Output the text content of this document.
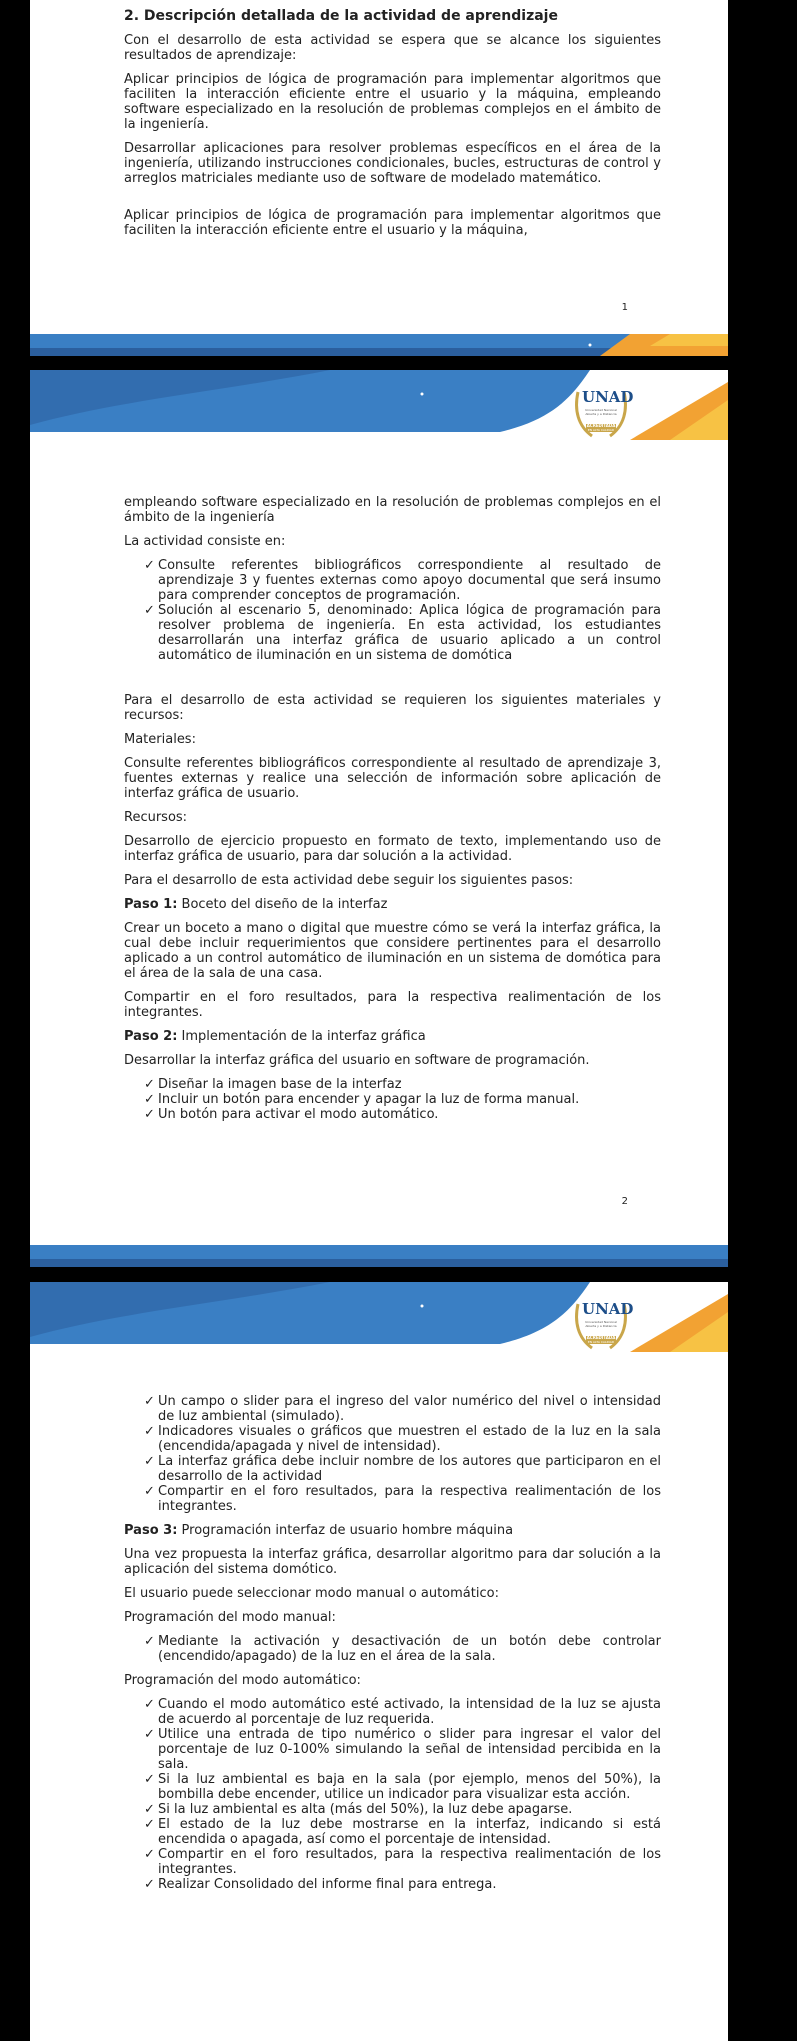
2. Descripción detallada de la actividad de aprendizaje

Con el desarrollo de esta actividad se espera que se alcance los siguientes resultados de aprendizaje:

Aplicar principios de lógica de programación para implementar algoritmos que faciliten la interacción eficiente entre el usuario y la máquina, empleando software especializado en la resolución de problemas complejos en el ámbito de la ingeniería.

Desarrollar aplicaciones para resolver problemas específicos en el área de la ingeniería, utilizando instrucciones condicionales, bucles, estructuras de control y arreglos matriciales mediante uso de software de modelado matemático.

Aplicar principios de lógica de programación para implementar algoritmos que faciliten la interacción eficiente entre el usuario y la máquina,

1
UNAD
Universidad Nacional Abierta y a Distancia
ACREDITADA
EN ALTA CALIDAD

empleando software especializado en la resolución de problemas complejos en el ámbito de la ingeniería

La actividad consiste en:

✓ Consulte referentes bibliográficos correspondiente al resultado de aprendizaje 3 y fuentes externas como apoyo documental que será insumo para comprender conceptos de programación.
✓ Solución al escenario 5, denominado: Aplica lógica de programación para resolver problema de ingeniería. En esta actividad, los estudiantes desarrollarán una interfaz gráfica de usuario aplicado a un control automático de iluminación en un sistema de domótica

Para el desarrollo de esta actividad se requieren los siguientes materiales y recursos:

Materiales:

Consulte referentes bibliográficos correspondiente al resultado de aprendizaje 3, fuentes externas y realice una selección de información sobre aplicación de interfaz gráfica de usuario.

Recursos:

Desarrollo de ejercicio propuesto en formato de texto, implementando uso de interfaz gráfica de usuario, para dar solución a la actividad.

Para el desarrollo de esta actividad debe seguir los siguientes pasos:

Paso 1: Boceto del diseño de la interfaz

Crear un boceto a mano o digital que muestre cómo se verá la interfaz gráfica, la cual debe incluir requerimientos que considere pertinentes para el desarrollo aplicado a un control automático de iluminación en un sistema de domótica para el área de la sala de una casa.

Compartir en el foro resultados, para la respectiva realimentación de los integrantes.

Paso 2: Implementación de la interfaz gráfica

Desarrollar la interfaz gráfica del usuario en software de programación.

✓ Diseñar la imagen base de la interfaz
✓ Incluir un botón para encender y apagar la luz de forma manual.
✓ Un botón para activar el modo automático.
2
UNAD
Universidad Nacional Abierta y a Distancia
ACREDITADA
EN ALTA CALIDAD
✓ Un campo o slider para el ingreso del valor numérico del nivel o intensidad de luz ambiental (simulado).
✓ Indicadores visuales o gráficos que muestren el estado de la luz en la sala (encendida/apagada y nivel de intensidad).
✓ La interfaz gráfica debe incluir nombre de los autores que participaron en el desarrollo de la actividad
✓ Compartir en el foro resultados, para la respectiva realimentación de los integrantes.
Paso 3: Programación interfaz de usuario hombre máquina

Una vez propuesta la interfaz gráfica, desarrollar algoritmo para dar solución a la aplicación del sistema domótico.

El usuario puede seleccionar modo manual o automático:

Programación del modo manual:

✓ Mediante la activación y desactivación de un botón debe controlar (encendido/apagado) de la luz en el área de la sala.

Programación del modo automático:

✓ Cuando el modo automático esté activado, la intensidad de la luz se ajusta de acuerdo al porcentaje de luz requerida.
✓ Utilice una entrada de tipo numérico o slider para ingresar el valor del porcentaje de luz 0-100% simulando la señal de intensidad percibida en la sala.
✓ Si la luz ambiental es baja en la sala (por ejemplo, menos del 50%), la bombilla debe encender, utilice un indicador para visualizar esta acción.
✓ Si la luz ambiental es alta (más del 50%), la luz debe apagarse.
✓ El estado de la luz debe mostrarse en la interfaz, indicando si está encendida o apagada, así como el porcentaje de intensidad.
✓ Compartir en el foro resultados, para la respectiva realimentación de los integrantes.
✓ Realizar Consolidado del informe final para entrega.
